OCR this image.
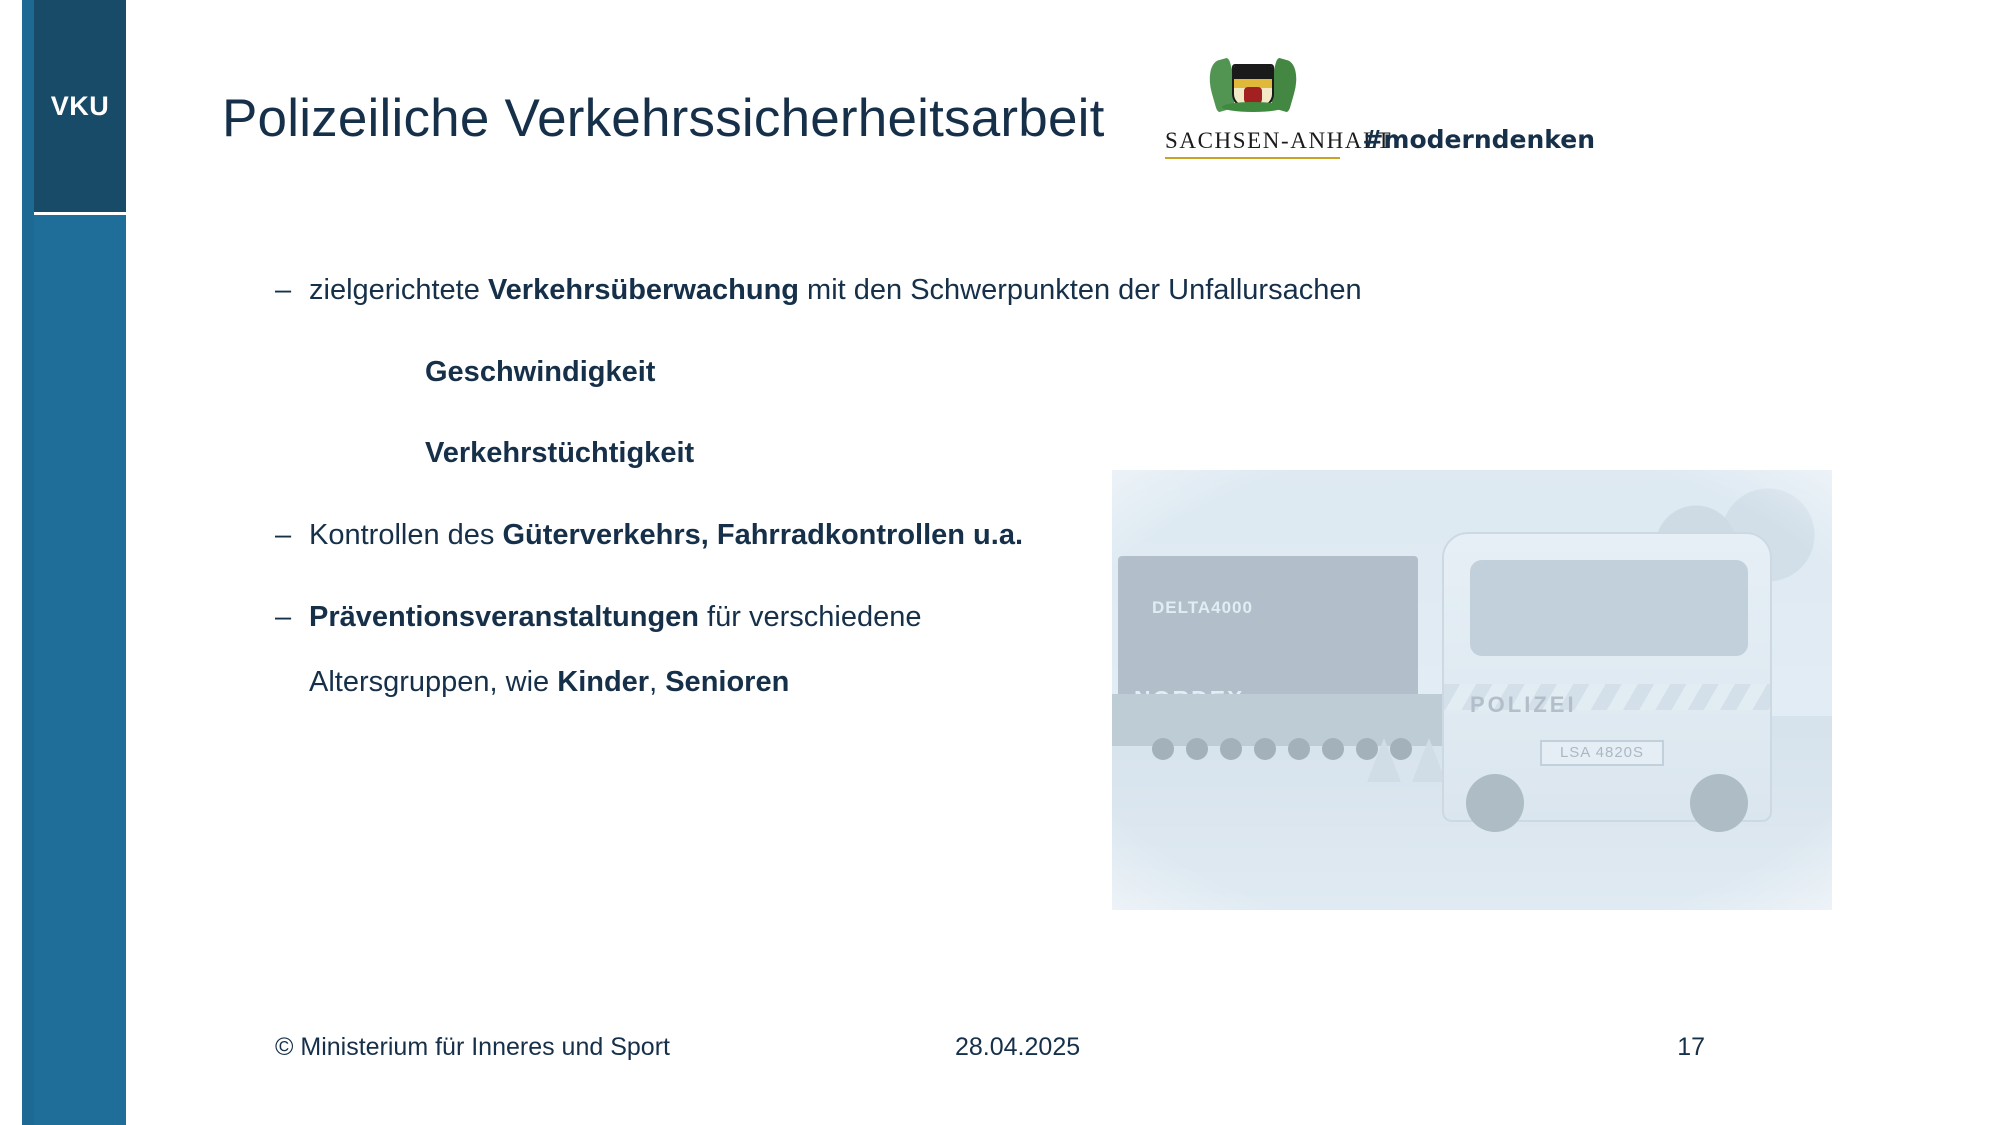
VKU Polizeiliche Verkehrssicherheitsarbeit	SACHSEN-ANHALT
#moderndenken
– zielgerichtete Verkehrsüberwachung mit den Schwerpunkten der Unfallursachen
Geschwindigkeit
Verkehrstüchtigkeit
– Kontrollen des Güterverkehrs, Fahrradkontrollen u.a.
– Präventionsveranstaltungen für verschiedene
Altersgruppen, wie Kinder, Senioren
© Ministerium für Inneres und Sport	28.04.2025	17
